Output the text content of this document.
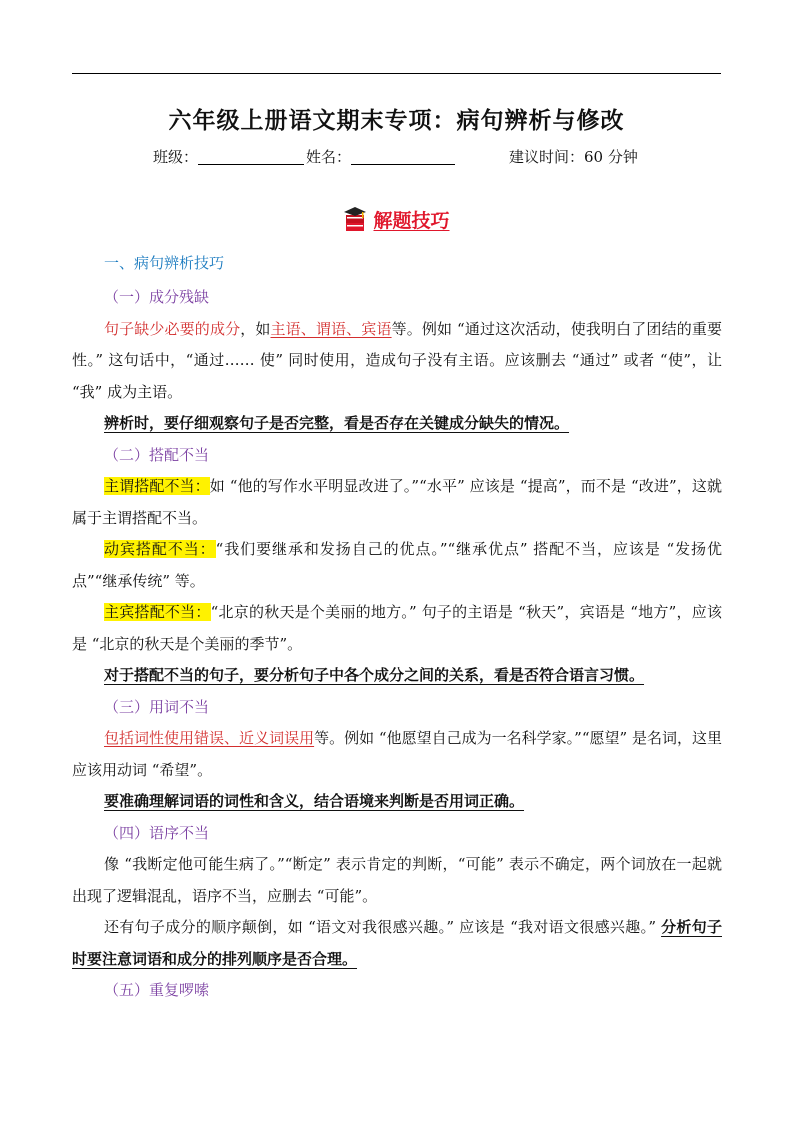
六年级上册语文期末专项：病句辨析与修改
班级：	姓名：	建议时间：60 分钟
解题技巧
一、病句辨析技巧
（一）成分残缺

句子缺少必要的成分，如主语、谓语、宾语等。例如 “通过这次活动，使我明白了团结的重要性。” 这句话中，“通过…… 使” 同时使用，造成句子没有主语。应该删去 “通过” 或者 “使”，让 “我” 成为主语。

辨析时，要仔细观察句子是否完整，看是否存在关键成分缺失的情况。

（二）搭配不当

主谓搭配不当：如 “他的写作水平明显改进了。”“水平” 应该是 “提高”，而不是 “改进”，这就属于主谓搭配不当。

动宾搭配不当：“我们要继承和发扬自己的优点。”“继承优点” 搭配不当，应该是 “发扬优点”“继承传统” 等。

主宾搭配不当：“北京的秋天是个美丽的地方。” 句子的主语是 “秋天”，宾语是 “地方”，应该是 “北京的秋天是个美丽的季节”。

对于搭配不当的句子，要分析句子中各个成分之间的关系，看是否符合语言习惯。

（三）用词不当

包括词性使用错误、近义词误用等。例如 “他愿望自己成为一名科学家。”“愿望” 是名词，这里应该用动词 “希望”。

要准确理解词语的词性和含义，结合语境来判断是否用词正确。

（四）语序不当

像 “我断定他可能生病了。”“断定” 表示肯定的判断，“可能” 表示不确定，两个词放在一起就出现了逻辑混乱，语序不当，应删去 “可能”。

还有句子成分的顺序颠倒，如 “语文对我很感兴趣。” 应该是 “我对语文很感兴趣。” 分析句子时要注意词语和成分的排列顺序是否合理。

（五）重复啰嗦
